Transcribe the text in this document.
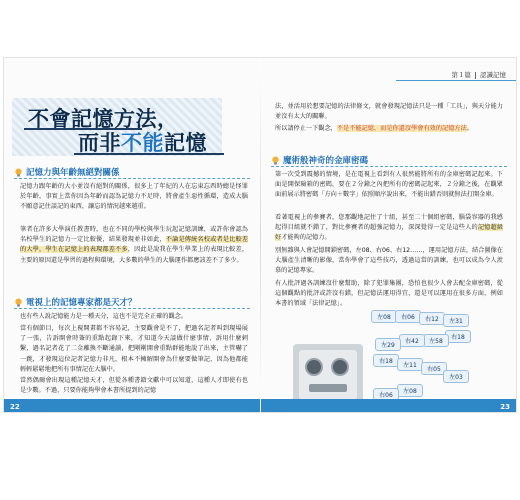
不會記憶方法，
而非不能記憶
記憶力與年齡無絕對關係
記憶力跟年齡的大小並沒有絕對的關係，很多上了年紀的人在忘東忘西時總是怪罪於年齡，事實上當你因為年齡而認為記憶力不足時，將會產生惡性循環，造成大腦不願意記住談記的東西，讓忘的情況越來越重。
筆者在許多大學演任教書時，也在不同的學校與學生玩起記憶訓練，或許你會認為名校學生的記憶力一定比較優，結果發現並非如此，不論是傳統名校或者是比較差的大學，學生在記憶上的表現都差不多，因此是說我在學生學業上的表現比較差，主要的原因還是學習的過程與環境，大多數的學生的大腦運作都應該差不了多少。
電視上的記憶專家都是天才？
也有些人說記憶能力是一種天分，這也不是完全正確的觀念。
當有個節目，每次上視開畫都不容易記，主要觀會是不了，把過名記者叫到現場展了一張，告訴開會時簽的重點起錄下來，才知道今天談做什麼事情、訴用什麼刺繫，過名記者花了二金離換不斷通讀，把剛剛開會重點群能地說了出來，主管嚇了一跳，才發現這位記者記憶力非凡，根本不擁解開會為什麼要做筆記，因為他都能輕輕鬆鬆地把所有事情記在大腦中。
當然偶爾會出現這種記憶天才，但從各種書籍文獻中可以知道，這種人才即使有也是少數。不過，只要你能夠學會本書所提到的記憶
22
第１篇 認識記憶
法，並活用於想要記憶的法律條文，就會發現記憶法只是一種「工具」，與天分能力並沒有太大的關聯。
所以請停止一下觀念，不是不能記憶，而是你還沒學會有效的記憶方法。
魔術般神奇的金庫密碼
第一次受到震撼的情境，是在電視上看到有人很然能將所有的金庫密碼記起來。下面是開保險箱的密碼，要在２分鐘之內把所有的密碼記起來，２分鐘之後，在觀眾面前展示將密碼「方向＋數字」依照順序說出來，不能出錯否則就無法打開金庫。
看著電視上的參賽者，您那觀地記住了十組，甚至二十個組密碼，腦袋容器的我感起得目組就不錯了，對比參賽者的超強記憶力，深深覺得一定是這些人的記憶超級好才能夠的記憶力。
別無雜與人會記憶開鎖密碼，左08、右06、右12……，運用記憶方法，結合圖像在大腦產生清晰的影像，當你學會了這些技巧，透過這當的訓練，也可以成為令人羨慕的記憶專家。
有人批評過各訓練沒什麼幫助，除了犯罪集團，恐怕也很少人會去配金庫密碼，從這個觀點的批評或許沒有錯，但記憶法運用得宜，還是可以運用在很多方面，例如本書的領域「法律記憶」。
左08	右06	右12	左31
右18
左58
右42
左29
右18
左11
右05
左03
左08
右06
23
